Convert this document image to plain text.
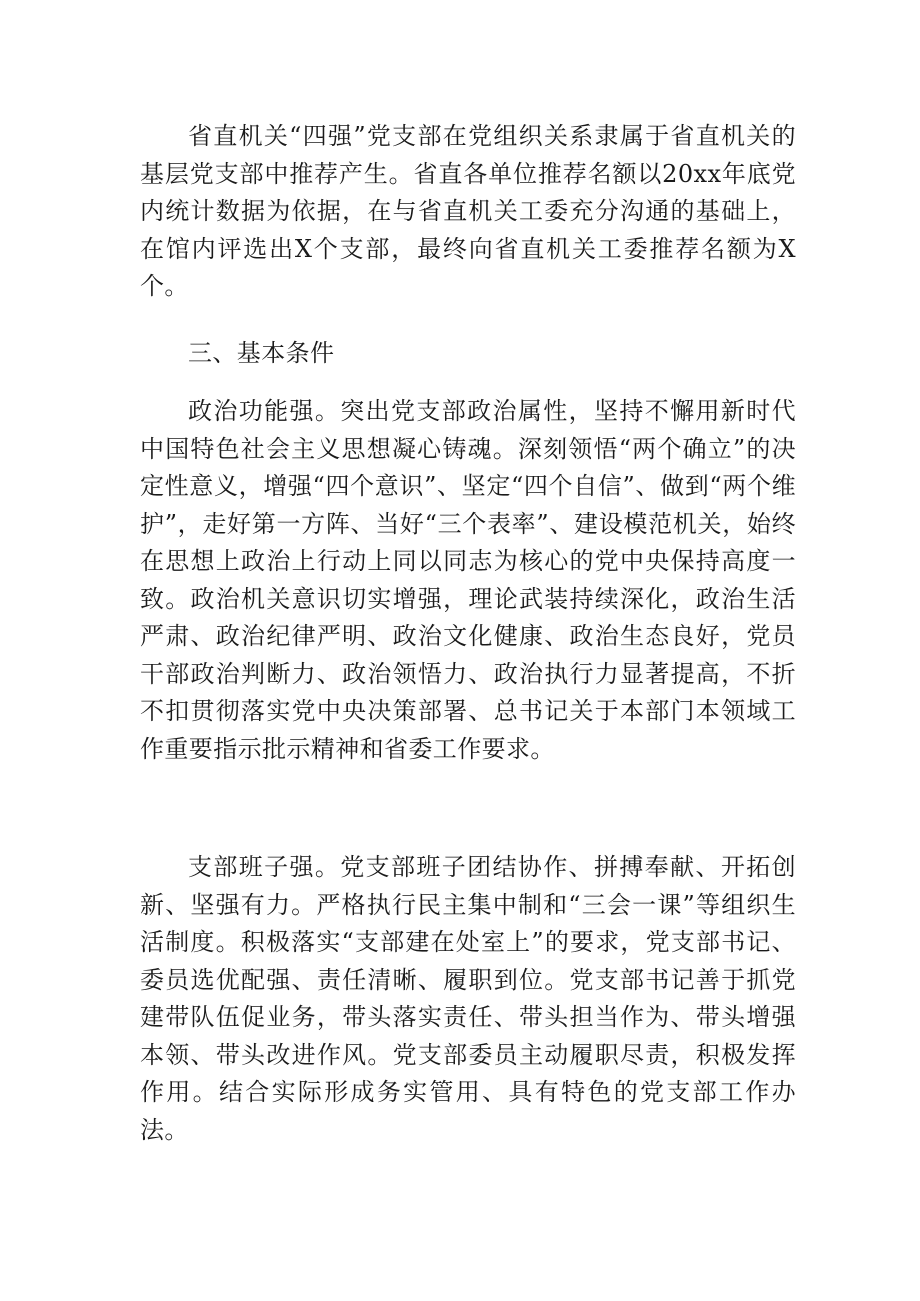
省直机关“四强”党支部在党组织关系隶属于省直机关的基层党支部中推荐产生。省直各单位推荐名额以20xx年底党内统计数据为依据，在与省直机关工委充分沟通的基础上，在馆内评选出X个支部，最终向省直机关工委推荐名额为X个。

三、基本条件

政治功能强。突出党支部政治属性，坚持不懈用新时代中国特色社会主义思想凝心铸魂。深刻领悟“两个确立”的决定性意义，增强“四个意识”、坚定“四个自信”、做到“两个维护”，走好第一方阵、当好“三个表率”、建设模范机关，始终在思想上政治上行动上同以同志为核心的党中央保持高度一致。政治机关意识切实增强，理论武装持续深化，政治生活严肃、政治纪律严明、政治文化健康、政治生态良好，党员干部政治判断力、政治领悟力、政治执行力显著提高，不折不扣贯彻落实党中央决策部署、总书记关于本部门本领域工作重要指示批示精神和省委工作要求。

支部班子强。党支部班子团结协作、拼搏奉献、开拓创新、坚强有力。严格执行民主集中制和“三会一课”等组织生活制度。积极落实“支部建在处室上”的要求，党支部书记、委员选优配强、责任清晰、履职到位。党支部书记善于抓党建带队伍促业务，带头落实责任、带头担当作为、带头增强本领、带头改进作风。党支部委员主动履职尽责，积极发挥作用。结合实际形成务实管用、具有特色的党支部工作办法。
